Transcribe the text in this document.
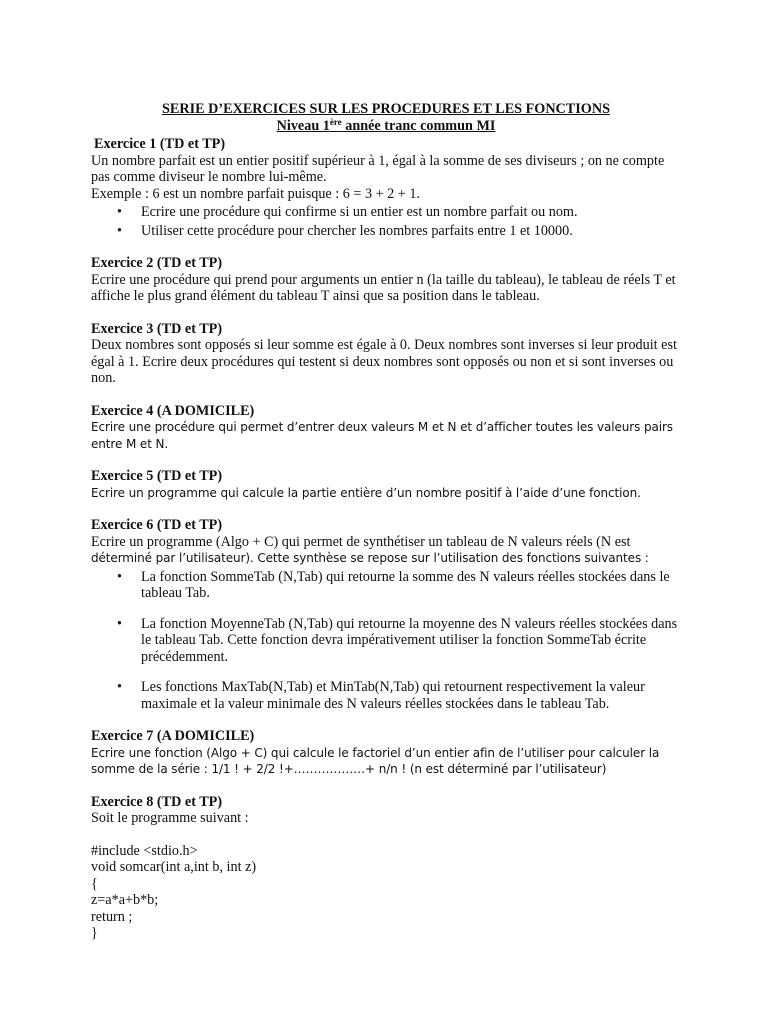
SERIE D’EXERCICES SUR LES PROCEDURES ET LES FONCTIONS

Niveau 1ère année tranc commun MI

Exercice 1 (TD et TP)

Un nombre parfait est un entier positif supérieur à 1, égal à la somme de ses diviseurs ; on ne compte pas comme diviseur le nombre lui-même.

Exemple : 6 est un nombre parfait puisque : 6 = 3 + 2 + 1.

• Ecrire une procédure qui confirme si un entier est un nombre parfait ou nom.
• Utiliser cette procédure pour chercher les nombres parfaits entre 1 et 10000.

Exercice 2 (TD et TP)

Ecrire une procédure qui prend pour arguments un entier n (la taille du tableau), le tableau de réels T et affiche le plus grand élément du tableau T ainsi que sa position dans le tableau.

Exercice 3 (TD et TP)

Deux nombres sont opposés si leur somme est égale à 0. Deux nombres sont inverses si leur produit est égal à 1. Ecrire deux procédures qui testent si deux nombres sont opposés ou non et si sont inverses ou non.

Exercice 4 (A DOMICILE)

Ecrire une procédure qui permet d’entrer deux valeurs M et N et d’afficher toutes les valeurs pairs entre M et N.

Exercice 5 (TD et TP)

Ecrire un programme qui calcule la partie entière d’un nombre positif à l’aide d’une fonction.

Exercice 6 (TD et TP)

Ecrire un programme (Algo + C) qui permet de synthétiser un tableau de N valeurs réels (N est

déterminé par l’utilisateur). Cette synthèse se repose sur l’utilisation des fonctions suivantes :

• La fonction SommeTab (N,Tab) qui retourne la somme des N valeurs réelles stockées dans le tableau Tab.
• La fonction MoyenneTab (N,Tab) qui retourne la moyenne des N valeurs réelles stockées dans le tableau Tab. Cette fonction devra impérativement utiliser la fonction SommeTab écrite précédemment.
• Les fonctions MaxTab(N,Tab) et MinTab(N,Tab) qui retournent respectivement la valeur maximale et la valeur minimale des N valeurs réelles stockées dans le tableau Tab.

Exercice 7 (A DOMICILE)

Ecrire une fonction (Algo + C) qui calcule le factoriel d’un entier afin de l’utiliser pour calculer la

somme de la série : 1/1 ! + 2/2 !+………………+ n/n ! (n est déterminé par l’utilisateur)

Exercice 8 (TD et TP)

Soit le programme suivant :

#include <stdio.h>

void somcar(int a,int b, int z)

{

z=a*a+b*b;

return ;

}
